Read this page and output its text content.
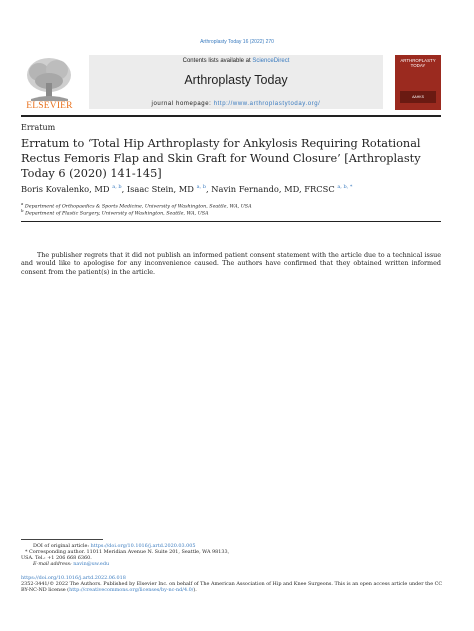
Arthroplasty Today 16 (2022) 270
ELSEVIER
Contents lists available at ScienceDirect
Arthroplasty Today
journal homepage: http://www.arthroplastytoday.org/
ARTHROPLASTY TODAY
AAHKS
Erratum
Erratum to ‘Total Hip Arthroplasty for Ankylosis Requiring Rotational Rectus Femoris Flap and Skin Graft for Wound Closure’ [Arthroplasty Today 6 (2020) 141-145]
Boris Kovalenko, MD $^{a, b}$, Isaac Stein, MD $^{a, b}$, Navin Fernando, MD, FRCSC $^{a, b, *}$
$^a$ Department of Orthopaedics & Sports Medicine, University of Washington, Seattle, WA, USA
$^b$ Department of Plastic Surgery, University of Washington, Seattle, WA, USA
The publisher regrets that it did not publish an informed patient consent statement with the article due to a technical issue and would like to apologise for any inconvenience caused. The authors have confirmed that they obtained written informed consent from the patient(s) in the article.
DOI of original article: https://doi.org/10.1016/j.artd.2020.03.005
* Corresponding author. 11011 Meridian Avenue N. Suite 201, Seattle, WA 98133,
USA. Tel.: +1 206 668 6360.
E-mail address: navin@uw.edu
https://doi.org/10.1016/j.artd.2022.06.018
2352-3441/© 2022 The Authors. Published by Elsevier Inc. on behalf of The American Association of Hip and Knee Surgeons. This is an open access article under the CC BY-NC-ND license (http://creativecommons.org/licenses/by-nc-nd/4.0/).
